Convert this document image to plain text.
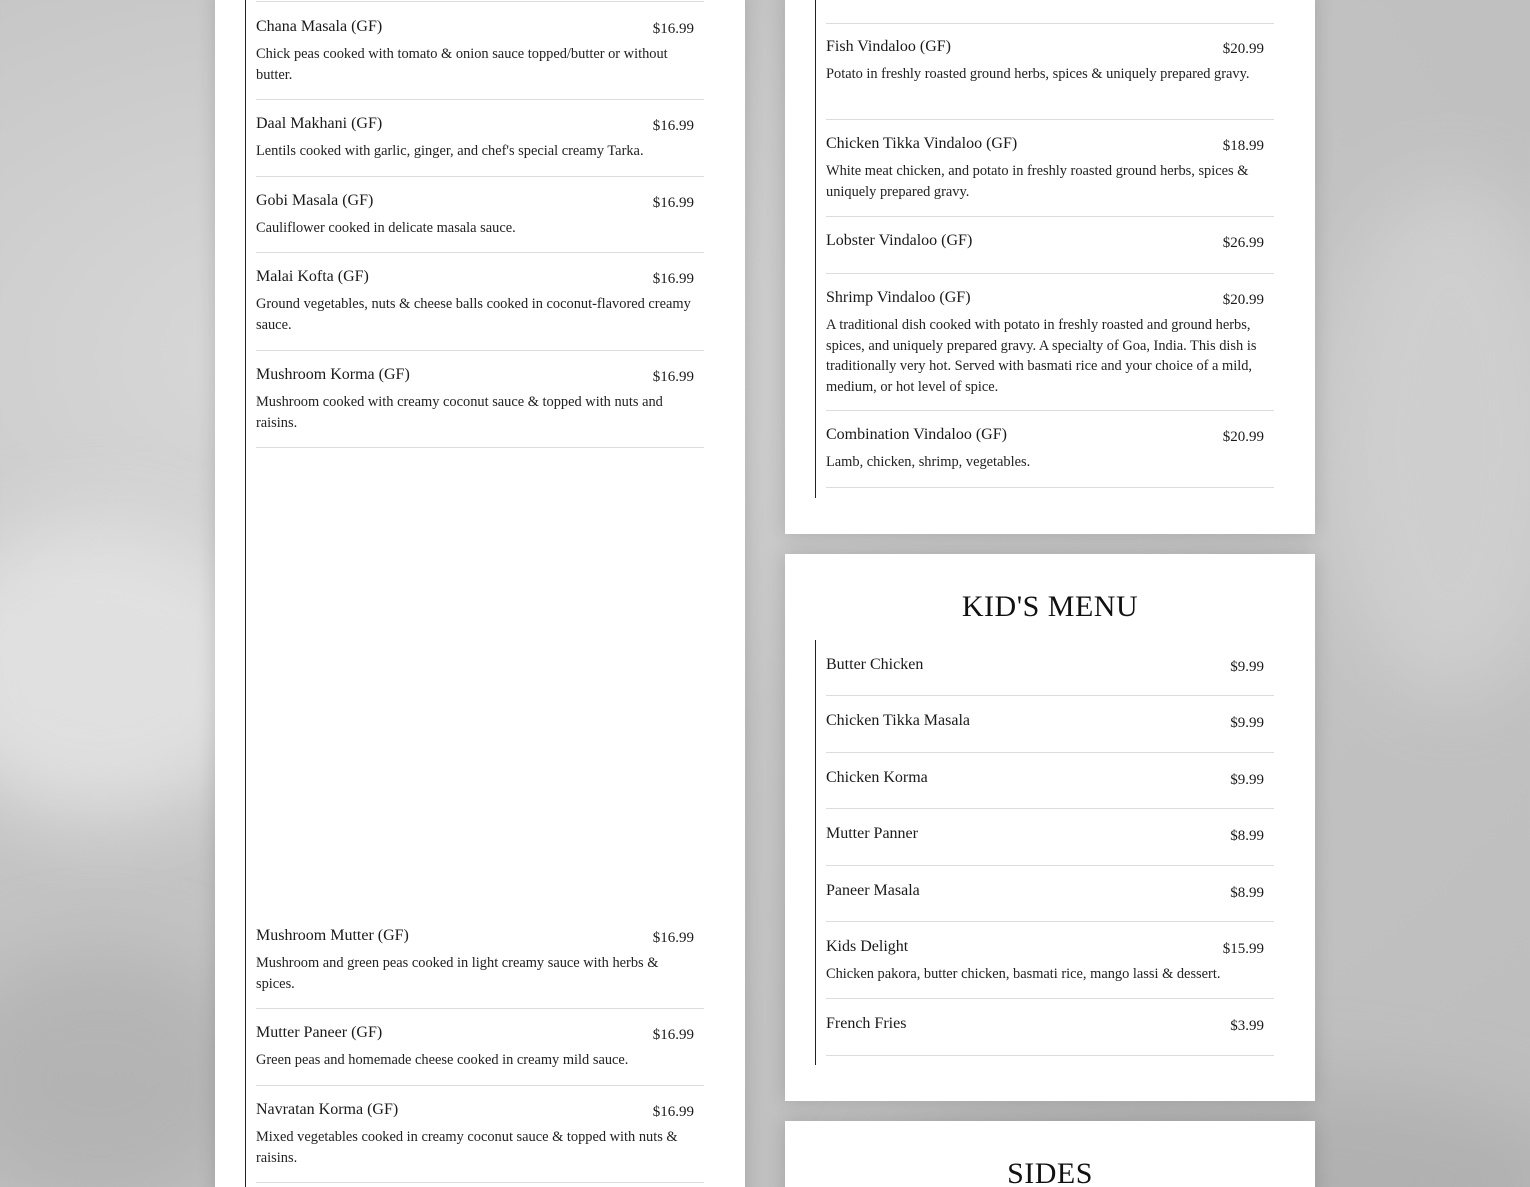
Chana Masala (GF)	$16.99
Chick peas cooked with tomato & onion sauce topped/butter or without butter.
Daal Makhani (GF)	$16.99
Lentils cooked with garlic, ginger, and chef's special creamy Tarka.
Gobi Masala (GF)	$16.99
Cauliflower cooked in delicate masala sauce.
Malai Kofta (GF)	$16.99
Ground vegetables, nuts & cheese balls cooked in coconut-flavored creamy sauce.
Mushroom Korma (GF)	$16.99
Mushroom cooked with creamy coconut sauce & topped with nuts and raisins.
Mushroom Mutter (GF)	$16.99
Mushroom and green peas cooked in light creamy sauce with herbs & spices.
Mutter Paneer (GF)	$16.99
Green peas and homemade cheese cooked in creamy mild sauce.
Navratan Korma (GF)	$16.99
Mixed vegetables cooked in creamy coconut sauce & topped with nuts & raisins.
Fish Vindaloo (GF)	$20.99
Potato in freshly roasted ground herbs, spices & uniquely prepared gravy.
Chicken Tikka Vindaloo (GF)	$18.99
White meat chicken, and potato in freshly roasted ground herbs, spices & uniquely prepared gravy.
Lobster Vindaloo (GF)	$26.99
Shrimp Vindaloo (GF)	$20.99
A traditional dish cooked with potato in freshly roasted and ground herbs, spices, and uniquely prepared gravy. A specialty of Goa, India. This dish is traditionally very hot. Served with basmati rice and your choice of a mild, medium, or hot level of spice.
Combination Vindaloo (GF)	$20.99
Lamb, chicken, shrimp, vegetables.
KID'S MENU
Butter Chicken	$9.99
Chicken Tikka Masala	$9.99
Chicken Korma	$9.99
Mutter Panner	$8.99
Paneer Masala	$8.99
Kids Delight	$15.99
Chicken pakora, butter chicken, basmati rice, mango lassi & dessert.
French Fries	$3.99
SIDES
